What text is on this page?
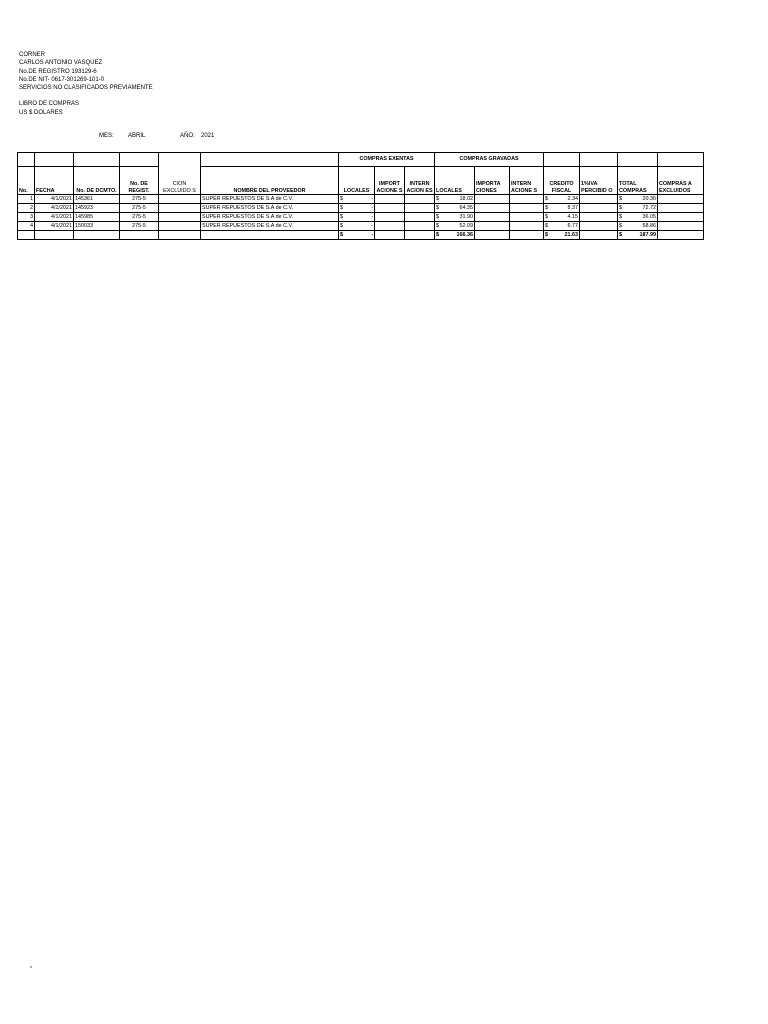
CORNER
CARLOS ANTONIO VASQUEZ
No.DE REGISTRO 193129-6
No.DE NIT- 0617-301269-101-0
SERVICIOS NO CLASIFICADOS PREVIAMENTE
LIBRO DE COMPRAS
US $ DOLARES
MES: ABRIL	AÑO: 2021
				CION EXCLUIDO S		COMPRAS EXENTAS			COMPRAS GRAVADAS						
No.	FECHA	No. DE DCMTO.	No. DE REGIST.		NOMBRE DEL PROVEEDOR	LOCALES	IMPORT ACIONE S	INTERN ACION ES	LOCALES	IMPORTA CIONES	INTERN ACIONE S	CREDITO FISCAL	1%IVA PERCIBID O	TOTAL COMPRAS	COMPRAS A EXCLUIDOS
1	4/1/2021	145361	275-5		SUPER REPUESTOS DE S.A de C.V.	$ -			$ 18.02			$ 2.34		$ 20.36	

2	4/1/2021	145923	275-5		SUPER REPUESTOS DE S.A de C.V.	$ -			$ 64.35			$ 8.37		$ 72.72	

3	4/1/2021	145985	275-5		SUPER REPUESTOS DE S.A de C.V.	$ -			$ 31.90			$ 4.15		$ 36.05	

4	4/1/2021	150033	275-5		SUPER REPUESTOS DE S.A de C.V.	$ -			$ 52.09			$ 6.77		$ 58.86	

						$ -			$ 166.36			$ 21.63		$ 187.99	

*
